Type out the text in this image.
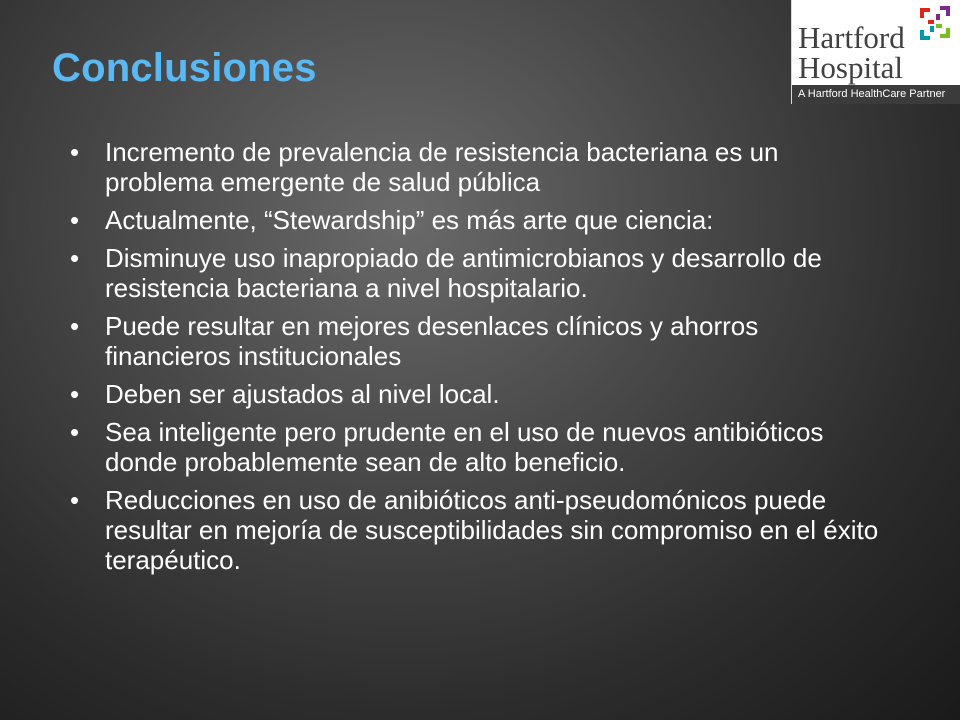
Conclusiones
Hartford
Hospital
A Hartford HealthCare Partner
• Incremento de prevalencia de resistencia bacteriana es un problema emergente de salud pública
• Actualmente, “Stewardship” es más arte que ciencia:
• Disminuye uso inapropiado de antimicrobianos y desarrollo de resistencia bacteriana a nivel hospitalario.
• Puede resultar en mejores desenlaces clínicos y ahorros financieros institucionales
• Deben ser ajustados al nivel local.
• Sea inteligente pero prudente en el uso de nuevos antibióticos donde probablemente sean de alto beneficio.
• Reducciones en uso de anibióticos anti-pseudomónicos puede resultar en mejoría de susceptibilidades sin compromiso en el éxito terapéutico.
